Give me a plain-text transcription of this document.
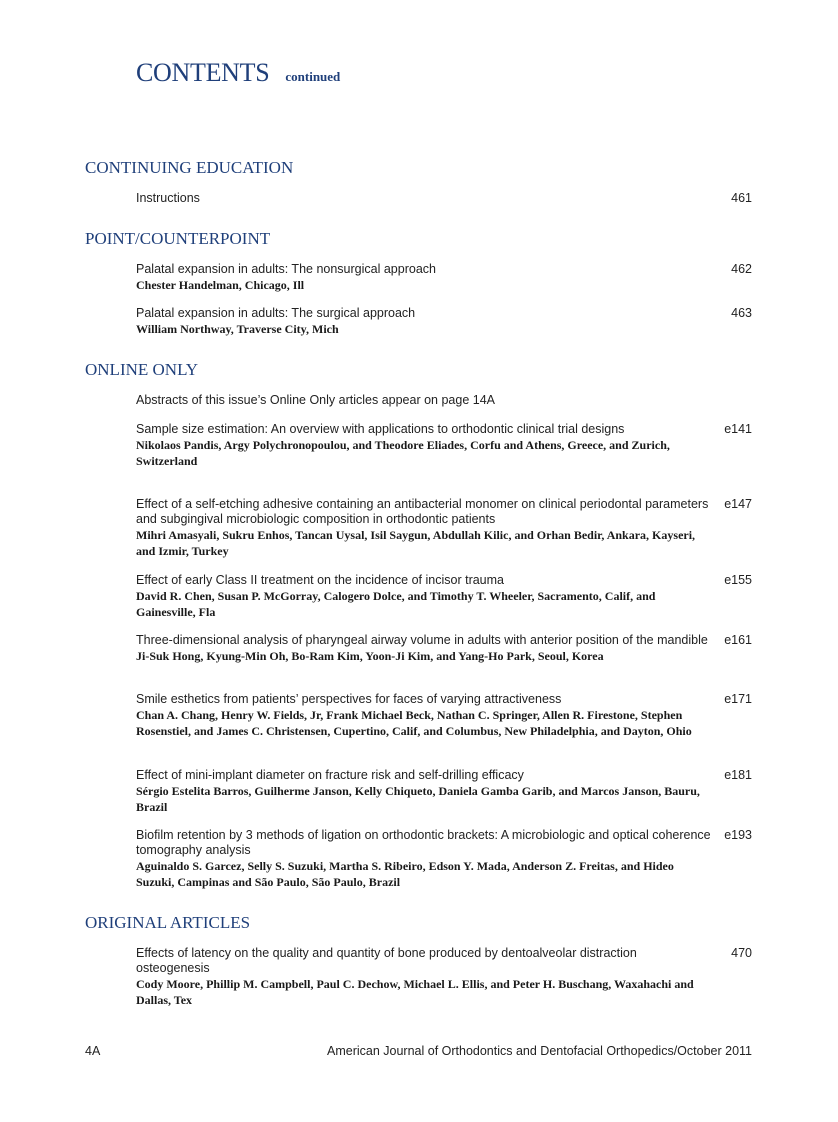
CONTENTS continued
CONTINUING EDUCATION
Instructions	461
POINT/COUNTERPOINT
Palatal expansion in adults: The nonsurgical approach
Chester Handelman, Chicago, Ill
462
Palatal expansion in adults: The surgical approach
William Northway, Traverse City, Mich
463
ONLINE ONLY
Abstracts of this issue’s Online Only articles appear on page 14A
Sample size estimation: An overview with applications to orthodontic clinical trial designs
Nikolaos Pandis, Argy Polychronopoulou, and Theodore Eliades, Corfu and Athens, Greece, and Zurich, Switzerland
e141
Effect of a self-etching adhesive containing an antibacterial monomer on clinical periodontal parameters and subgingival microbiologic composition in orthodontic patients
Mihri Amasyali, Sukru Enhos, Tancan Uysal, Isil Saygun, Abdullah Kilic, and Orhan Bedir, Ankara, Kayseri, and Izmir, Turkey
e147
Effect of early Class II treatment on the incidence of incisor trauma
David R. Chen, Susan P. McGorray, Calogero Dolce, and Timothy T. Wheeler, Sacramento, Calif, and Gainesville, Fla
e155
Three-dimensional analysis of pharyngeal airway volume in adults with anterior position of the mandible
Ji-Suk Hong, Kyung-Min Oh, Bo-Ram Kim, Yoon-Ji Kim, and Yang-Ho Park, Seoul, Korea
e161
Smile esthetics from patients’ perspectives for faces of varying attractiveness
Chan A. Chang, Henry W. Fields, Jr, Frank Michael Beck, Nathan C. Springer, Allen R. Firestone, Stephen Rosenstiel, and James C. Christensen, Cupertino, Calif, and Columbus, New Philadelphia, and Dayton, Ohio
e171
Effect of mini-implant diameter on fracture risk and self-drilling efficacy
Sérgio Estelita Barros, Guilherme Janson, Kelly Chiqueto, Daniela Gamba Garib, and Marcos Janson, Bauru, Brazil
e181
Biofilm retention by 3 methods of ligation on orthodontic brackets: A microbiologic and optical coherence tomography analysis
Aguinaldo S. Garcez, Selly S. Suzuki, Martha S. Ribeiro, Edson Y. Mada, Anderson Z. Freitas, and Hideo Suzuki, Campinas and São Paulo, São Paulo, Brazil
e193
ORIGINAL ARTICLES
Effects of latency on the quality and quantity of bone produced by dentoalveolar distraction osteogenesis
Cody Moore, Phillip M. Campbell, Paul C. Dechow, Michael L. Ellis, and Peter H. Buschang, Waxahachi and Dallas, Tex
470
4A	American Journal of Orthodontics and Dentofacial Orthopedics/October 2011
